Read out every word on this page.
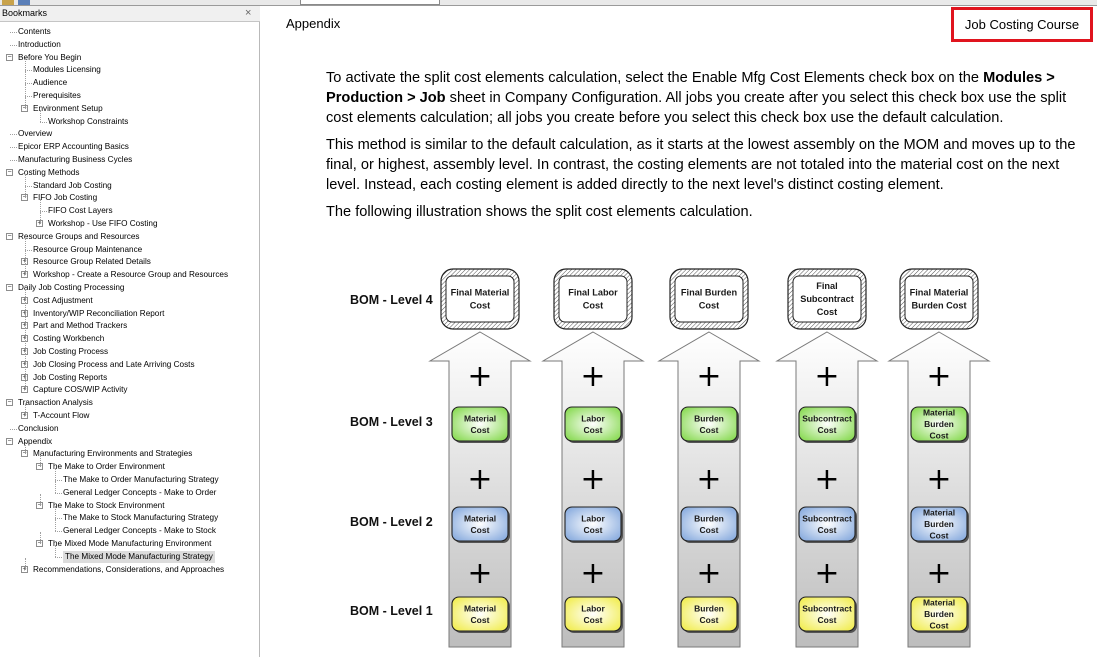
Bookmarks	×
Contents
Introduction
− Before You Begin
Modules Licensing
Audience
Prerequisites
− Environment Setup
Workshop Constraints
Overview
Epicor ERP Accounting Basics
Manufacturing Business Cycles
− Costing Methods
Standard Job Costing
− FIFO Job Costing
FIFO Cost Layers
+ Workshop - Use FIFO Costing
− Resource Groups and Resources
Resource Group Maintenance
+ Resource Group Related Details
+ Workshop - Create a Resource Group and Resources
− Daily Job Costing Processing
+ Cost Adjustment
+ Inventory/WIP Reconciliation Report
+ Part and Method Trackers
+ Costing Workbench
+ Job Costing Process
+ Job Closing Process and Late Arriving Costs
+ Job Costing Reports
+ Capture COS/WIP Activity
− Transaction Analysis
+ T-Account Flow
Conclusion
− Appendix
− Manufacturing Environments and Strategies
− The Make to Order Environment
The Make to Order Manufacturing Strategy
General Ledger Concepts - Make to Order
− The Make to Stock Environment
The Make to Stock Manufacturing Strategy
General Ledger Concepts - Make to Stock
− The Mixed Mode Manufacturing Environment
The Mixed Mode Manufacturing Strategy
+ Recommendations, Considerations, and Approaches
Appendix	Job Costing Course

To activate the split cost elements calculation, select the Enable Mfg Cost Elements check box on the Modules > Production > Job sheet in Company Configuration. All jobs you create after you select this check box use the split cost elements calculation; all jobs you create before you select this check box use the default calculation.

This method is similar to the default calculation, as it starts at the lowest assembly on the MOM and moves up to the final, or highest, assembly level. In contrast, the costing elements are not totaled into the material cost on the next level. Instead, each costing element is added directly to the next level's distinct costing element.

The following illustration shows the split cost elements calculation.

BOM - Level 4
BOM - Level 3
BOM - Level 2
BOM - Level 1
Final Material Cost
Material Cost
Material Cost
Material Cost
+
+
+
Final Labor Cost
Labor Cost
Labor Cost
Labor Cost
+
+
+
Final Burden Cost
Burden Cost
Burden Cost
Burden Cost
+
+
+
Final Subcontract Cost
Subcontract Cost
Subcontract Cost
Subcontract Cost
+
+
+
Final Material Burden Cost
Material Burden Cost
Material Burden Cost
Material Burden Cost
+
+
+
